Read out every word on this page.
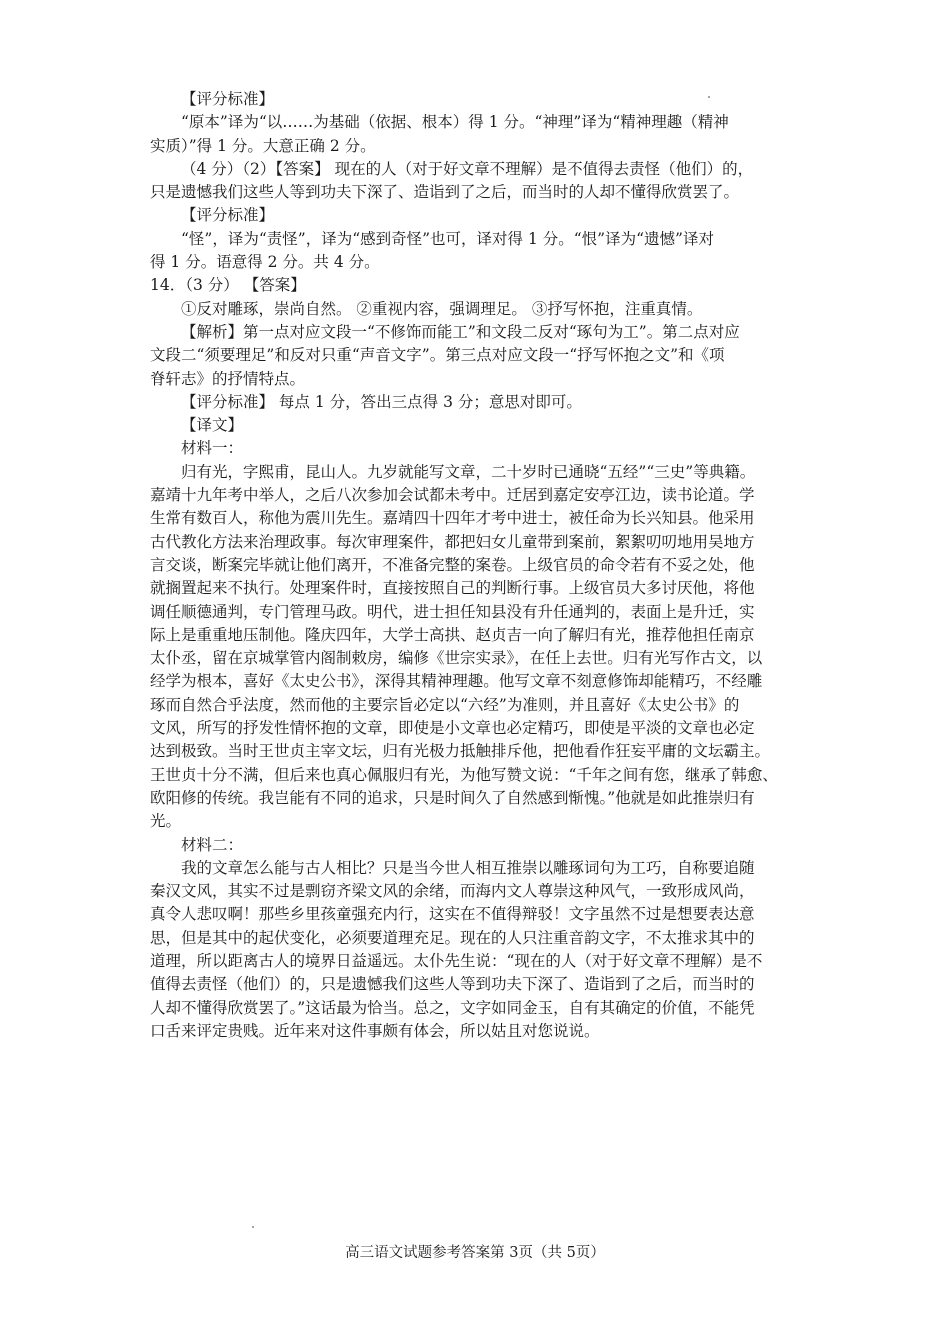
【评分标准】
“原本”译为“以……为基础（依据、根本）得 1 分。“神理”译为“精神理趣（精神
实质）”得 1 分。大意正确 2 分。
（4 分）（2）【答案】 现在的人（对于好文章不理解）是不值得去责怪（他们）的，
只是遗憾我们这些人等到功夫下深了、造诣到了之后，而当时的人却不懂得欣赏罢了。
【评分标准】
“怪”，译为“责怪”，译为“感到奇怪”也可，译对得 1 分。“恨”译为“遗憾”译对
得 1 分。语意得 2 分。共 4 分。
14．（3 分） 【答案】
①反对雕琢，崇尚自然。 ②重视内容，强调理足。 ③抒写怀抱，注重真情。
【解析】第一点对应文段一“不修饰而能工”和文段二反对“琢句为工”。第二点对应
文段二“须要理足”和反对只重“声音文字”。第三点对应文段一“抒写怀抱之文”和《项
脊轩志》的抒情特点。
【评分标准】 每点 1 分，答出三点得 3 分；意思对即可。
【译文】
材料一：
归有光，字熙甫，昆山人。九岁就能写文章，二十岁时已通晓“五经”“三史”等典籍。
嘉靖十九年考中举人，之后八次参加会试都未考中。迁居到嘉定安亭江边，读书论道。学
生常有数百人，称他为震川先生。嘉靖四十四年才考中进士，被任命为长兴知县。他采用
古代教化方法来治理政事。每次审理案件，都把妇女儿童带到案前，絮絮叨叨地用吴地方
言交谈，断案完毕就让他们离开，不准备完整的案卷。上级官员的命令若有不妥之处，他
就搁置起来不执行。处理案件时，直接按照自己的判断行事。上级官员大多讨厌他，将他
调任顺德通判，专门管理马政。明代，进士担任知县没有升任通判的，表面上是升迁，实
际上是重重地压制他。隆庆四年，大学士高拱、赵贞吉一向了解归有光，推荐他担任南京
太仆丞，留在京城掌管内阁制敕房，编修《世宗实录》，在任上去世。归有光写作古文，以
经学为根本，喜好《太史公书》，深得其精神理趣。他写文章不刻意修饰却能精巧，不经雕
琢而自然合乎法度，然而他的主要宗旨必定以“六经”为准则，并且喜好《太史公书》的
文风，所写的抒发性情怀抱的文章，即使是小文章也必定精巧，即使是平淡的文章也必定
达到极致。当时王世贞主宰文坛，归有光极力抵触排斥他，把他看作狂妄平庸的文坛霸主。
王世贞十分不满，但后来也真心佩服归有光，为他写赞文说：“千年之间有您，继承了韩愈、
欧阳修的传统。我岂能有不同的追求，只是时间久了自然感到惭愧。”他就是如此推崇归有
光。
材料二：
我的文章怎么能与古人相比？只是当今世人相互推崇以雕琢词句为工巧，自称要追随
秦汉文风，其实不过是剽窃齐梁文风的余绪，而海内文人尊崇这种风气，一致形成风尚，
真令人悲叹啊！那些乡里孩童强充内行，这实在不值得辩驳！文字虽然不过是想要表达意
思，但是其中的起伏变化，必须要道理充足。现在的人只注重音韵文字，不太推求其中的
道理，所以距离古人的境界日益遥远。太仆先生说：“现在的人（对于好文章不理解）是不
值得去责怪（他们）的，只是遗憾我们这些人等到功夫下深了、造诣到了之后，而当时的
人却不懂得欣赏罢了。”这话最为恰当。总之，文字如同金玉，自有其确定的价值，不能凭
口舌来评定贵贱。近年来对这件事颇有体会，所以姑且对您说说。
高三语文试题参考答案第 3页（共 5页）
